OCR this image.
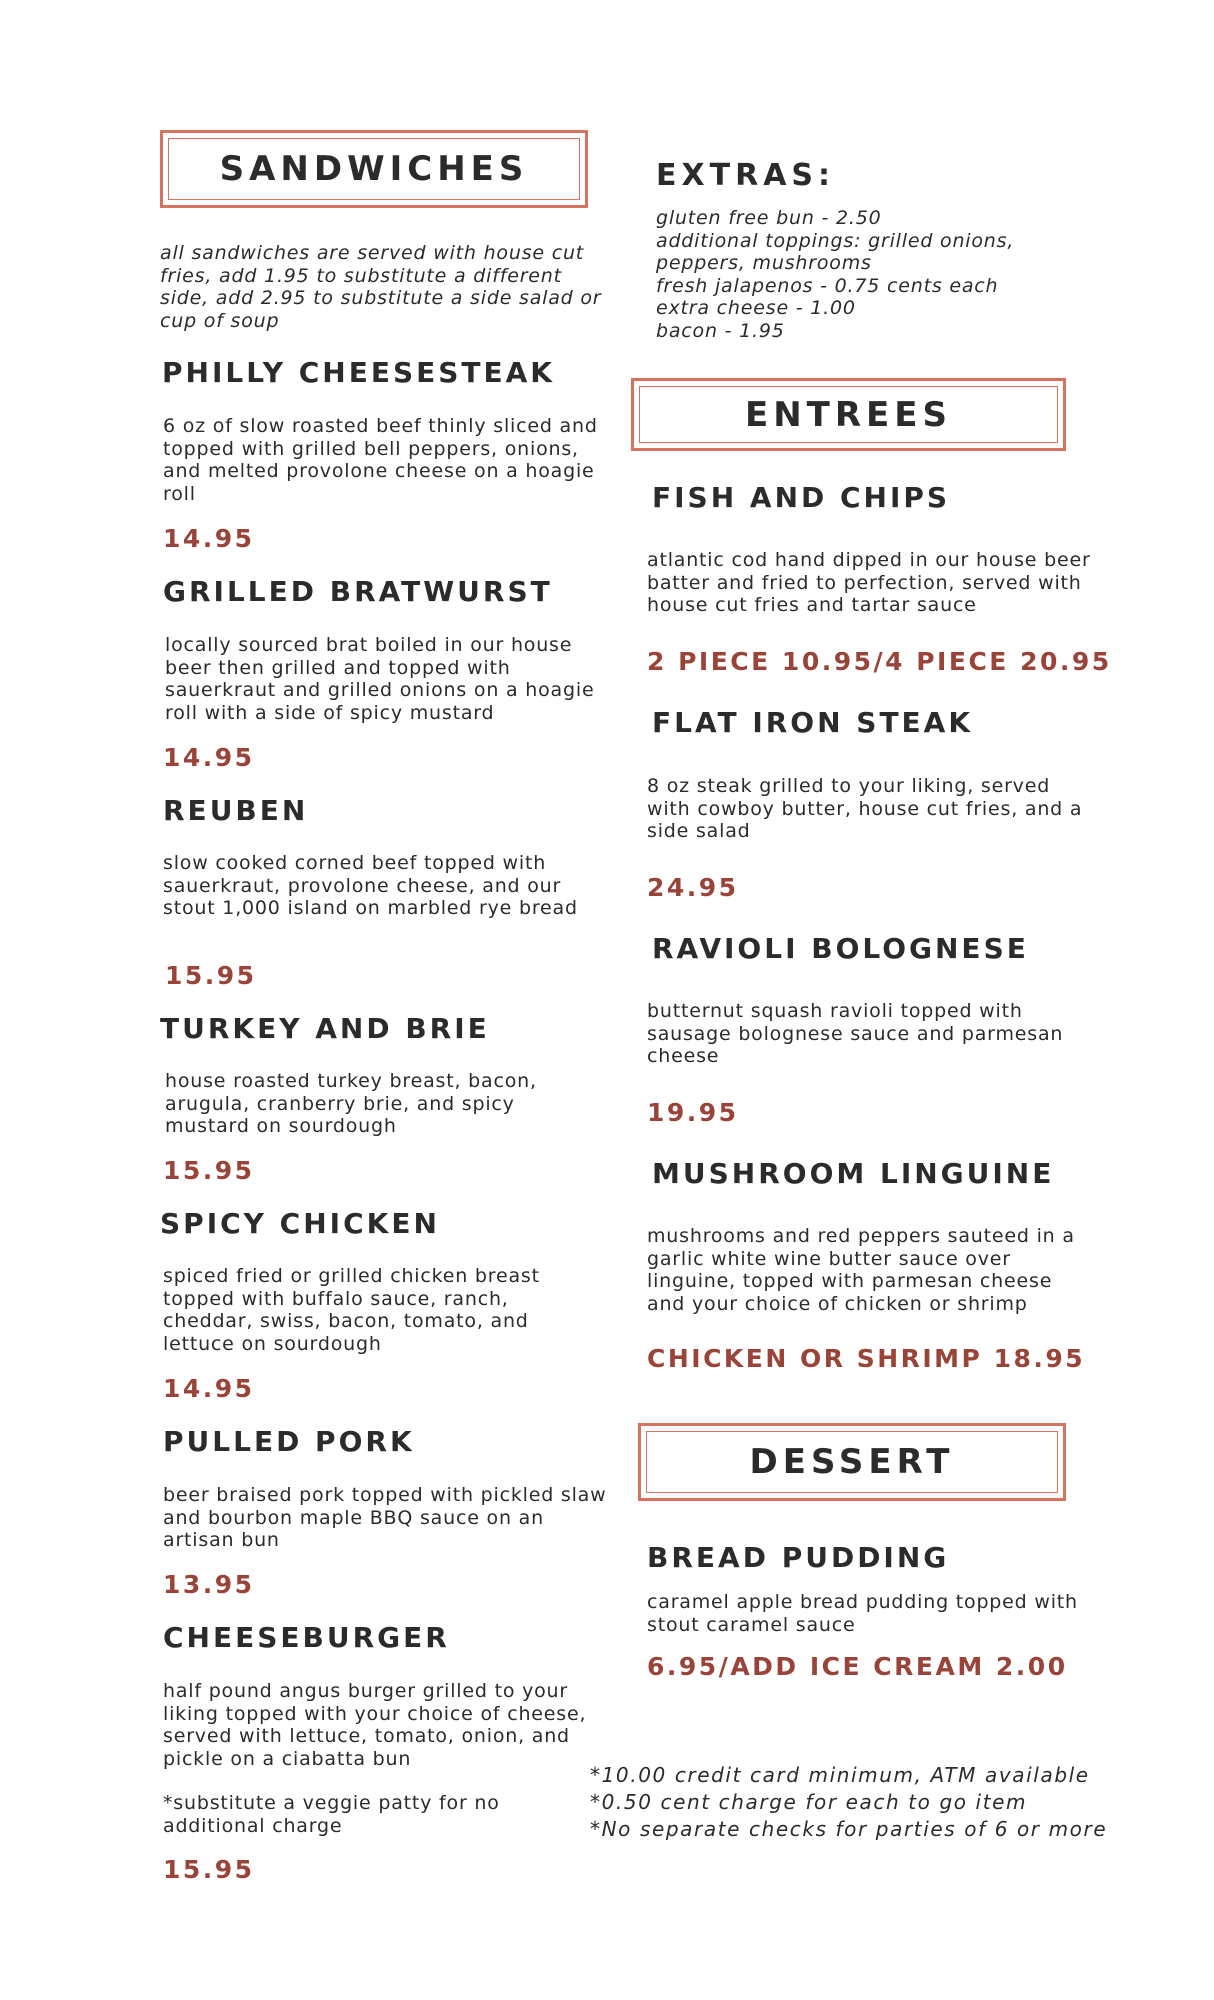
SANDWICHES
all sandwiches are served with house cut fries, add 1.95 to substitute a different side, add 2.95 to substitute a side salad or cup of soup
PHILLY CHEESESTEAK
6 oz of slow roasted beef thinly sliced and topped with grilled bell peppers, onions, and melted provolone cheese on a hoagie roll
14.95
GRILLED BRATWURST
locally sourced brat boiled in our house beer then grilled and topped with sauerkraut and grilled onions on a hoagie roll with a side of spicy mustard
14.95
REUBEN
slow cooked corned beef topped with sauerkraut, provolone cheese, and our stout 1,000 island on marbled rye bread
15.95
TURKEY AND BRIE
house roasted turkey breast, bacon, arugula, cranberry brie, and spicy mustard on sourdough
15.95
SPICY CHICKEN
spiced fried or grilled chicken breast topped with buffalo sauce, ranch, cheddar, swiss, bacon, tomato, and lettuce on sourdough
14.95
PULLED PORK
beer braised pork topped with pickled slaw and bourbon maple BBQ sauce on an artisan bun
13.95
CHEESEBURGER
half pound angus burger grilled to your liking topped with your choice of cheese, served with lettuce, tomato, onion, and pickle on a ciabatta bun
*substitute a veggie patty for no additional charge
15.95
EXTRAS:
gluten free bun - 2.50
additional toppings: grilled onions,
peppers, mushrooms
fresh jalapenos - 0.75 cents each
extra cheese - 1.00
bacon - 1.95
ENTREES
FISH AND CHIPS
atlantic cod hand dipped in our house beer batter and fried to perfection, served with house cut fries and tartar sauce
2 PIECE 10.95/4 PIECE 20.95
FLAT IRON STEAK
8 oz steak grilled to your liking, served with cowboy butter, house cut fries, and a side salad
24.95
RAVIOLI BOLOGNESE
butternut squash ravioli topped with sausage bolognese sauce and parmesan cheese
19.95
MUSHROOM LINGUINE
mushrooms and red peppers sauteed in a garlic white wine butter sauce over linguine, topped with parmesan cheese and your choice of chicken or shrimp
CHICKEN OR SHRIMP 18.95
DESSERT
BREAD PUDDING
caramel apple bread pudding topped with stout caramel sauce
6.95/ADD ICE CREAM 2.00
*10.00 credit card minimum, ATM available
*0.50 cent charge for each to go item
*No separate checks for parties of 6 or more
